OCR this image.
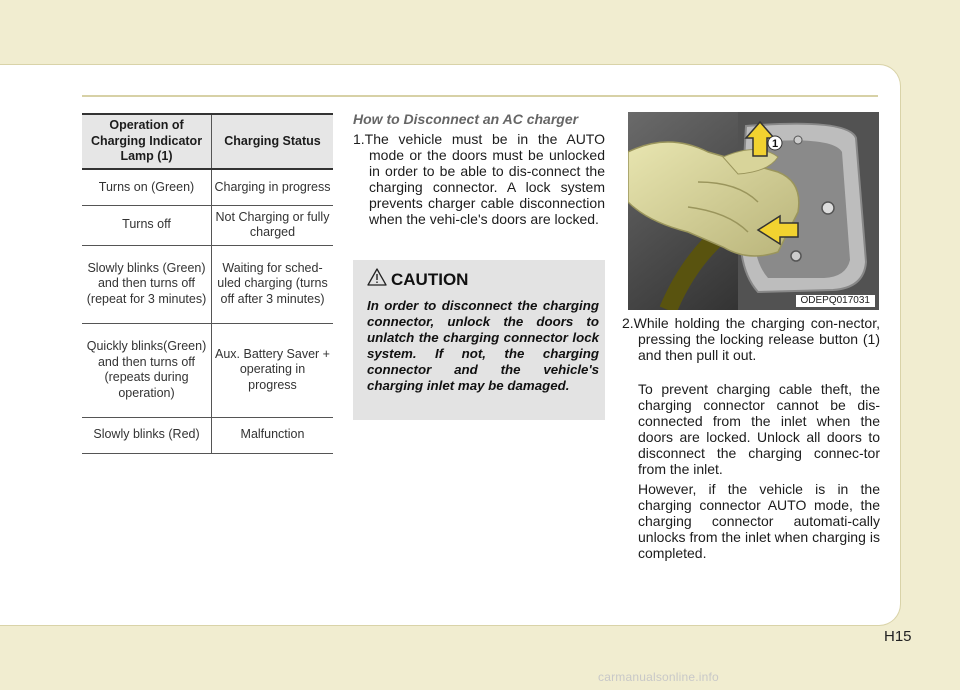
Operation of Charging Indicator Lamp (1)	Charging Status
Turns on (Green)	Charging in progress
Turns off	Not Charging or fully charged
Slowly blinks (Green) and then turns off (repeat for 3 minutes)	Waiting for sched-uled charging (turns off after 3 minutes)
Quickly blinks(Green) and then turns off (repeats during operation)	Aux. Battery Saver + operating in progress
Slowly blinks (Red)	Malfunction

How to Disconnect an AC charger

1.The vehicle must be in the AUTO mode or the doors must be unlocked in order to be able to dis-connect the charging connector. A lock system prevents charger cable disconnection when the vehi-cle's doors are locked.

CAUTION
In order to disconnect the charging connector, unlock the doors to unlatch the charging connector lock system. If not, the charging connector and the vehicle's charging inlet may be damaged.
1
ODEPQ017031

2.While holding the charging con-nector, pressing the locking release button (1) and then pull it out.

To prevent charging cable theft, the charging connector cannot be dis-connected from the inlet when the doors are locked. Unlock all doors to disconnect the charging connec-tor from the inlet.

However, if the vehicle is in the charging connector AUTO mode, the charging connector automati-cally unlocks from the inlet when charging is completed.

H15
carmanualsonline.info
